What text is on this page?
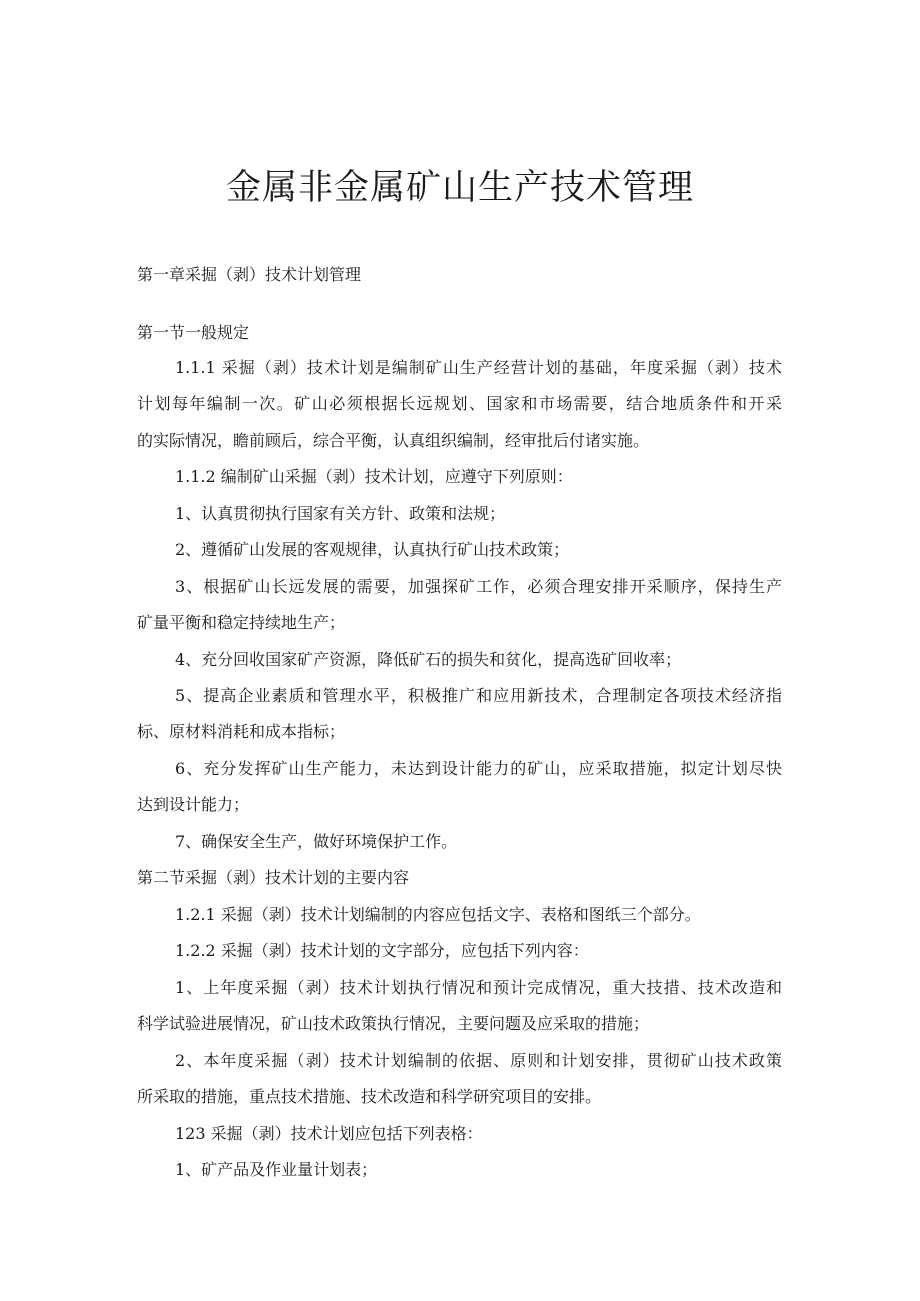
金属非金属矿山生产技术管理
第一章采掘（剥）技术计划管理
第一节一般规定
1.1.1 采掘（剥）技术计划是编制矿山生产经营计划的基础，年度采掘（剥）技术
计划每年编制一次。矿山必须根据长远规划、国家和市场需要，结合地质条件和开采
的实际情况，瞻前顾后，综合平衡，认真组织编制，经审批后付诸实施。
1.1.2 编制矿山采掘（剥）技术计划，应遵守下列原则：
1、认真贯彻执行国家有关方针、政策和法规；
2、遵循矿山发展的客观规律，认真执行矿山技术政策；
3、根据矿山长远发展的需要，加强探矿工作，必须合理安排开采顺序，保持生产
矿量平衡和稳定持续地生产；
4、充分回收国家矿产资源，降低矿石的损失和贫化，提高选矿回收率；
5、提高企业素质和管理水平，积极推广和应用新技术，合理制定各项技术经济指
标、原材料消耗和成本指标；
6、充分发挥矿山生产能力，未达到设计能力的矿山，应采取措施，拟定计划尽快
达到设计能力；
7、确保安全生产，做好环境保护工作。
第二节采掘（剥）技术计划的主要内容
1.2.1 采掘（剥）技术计划编制的内容应包括文字、表格和图纸三个部分。
1.2.2 采掘（剥）技术计划的文字部分，应包括下列内容：
1、上年度采掘（剥）技术计划执行情况和预计完成情况，重大技措、技术改造和
科学试验进展情况，矿山技术政策执行情况，主要问题及应采取的措施；
2、本年度采掘（剥）技术计划编制的依据、原则和计划安排，贯彻矿山技术政策
所采取的措施，重点技术措施、技术改造和科学研究项目的安排。
123 采掘（剥）技术计划应包括下列表格：
1、矿产品及作业量计划表；
